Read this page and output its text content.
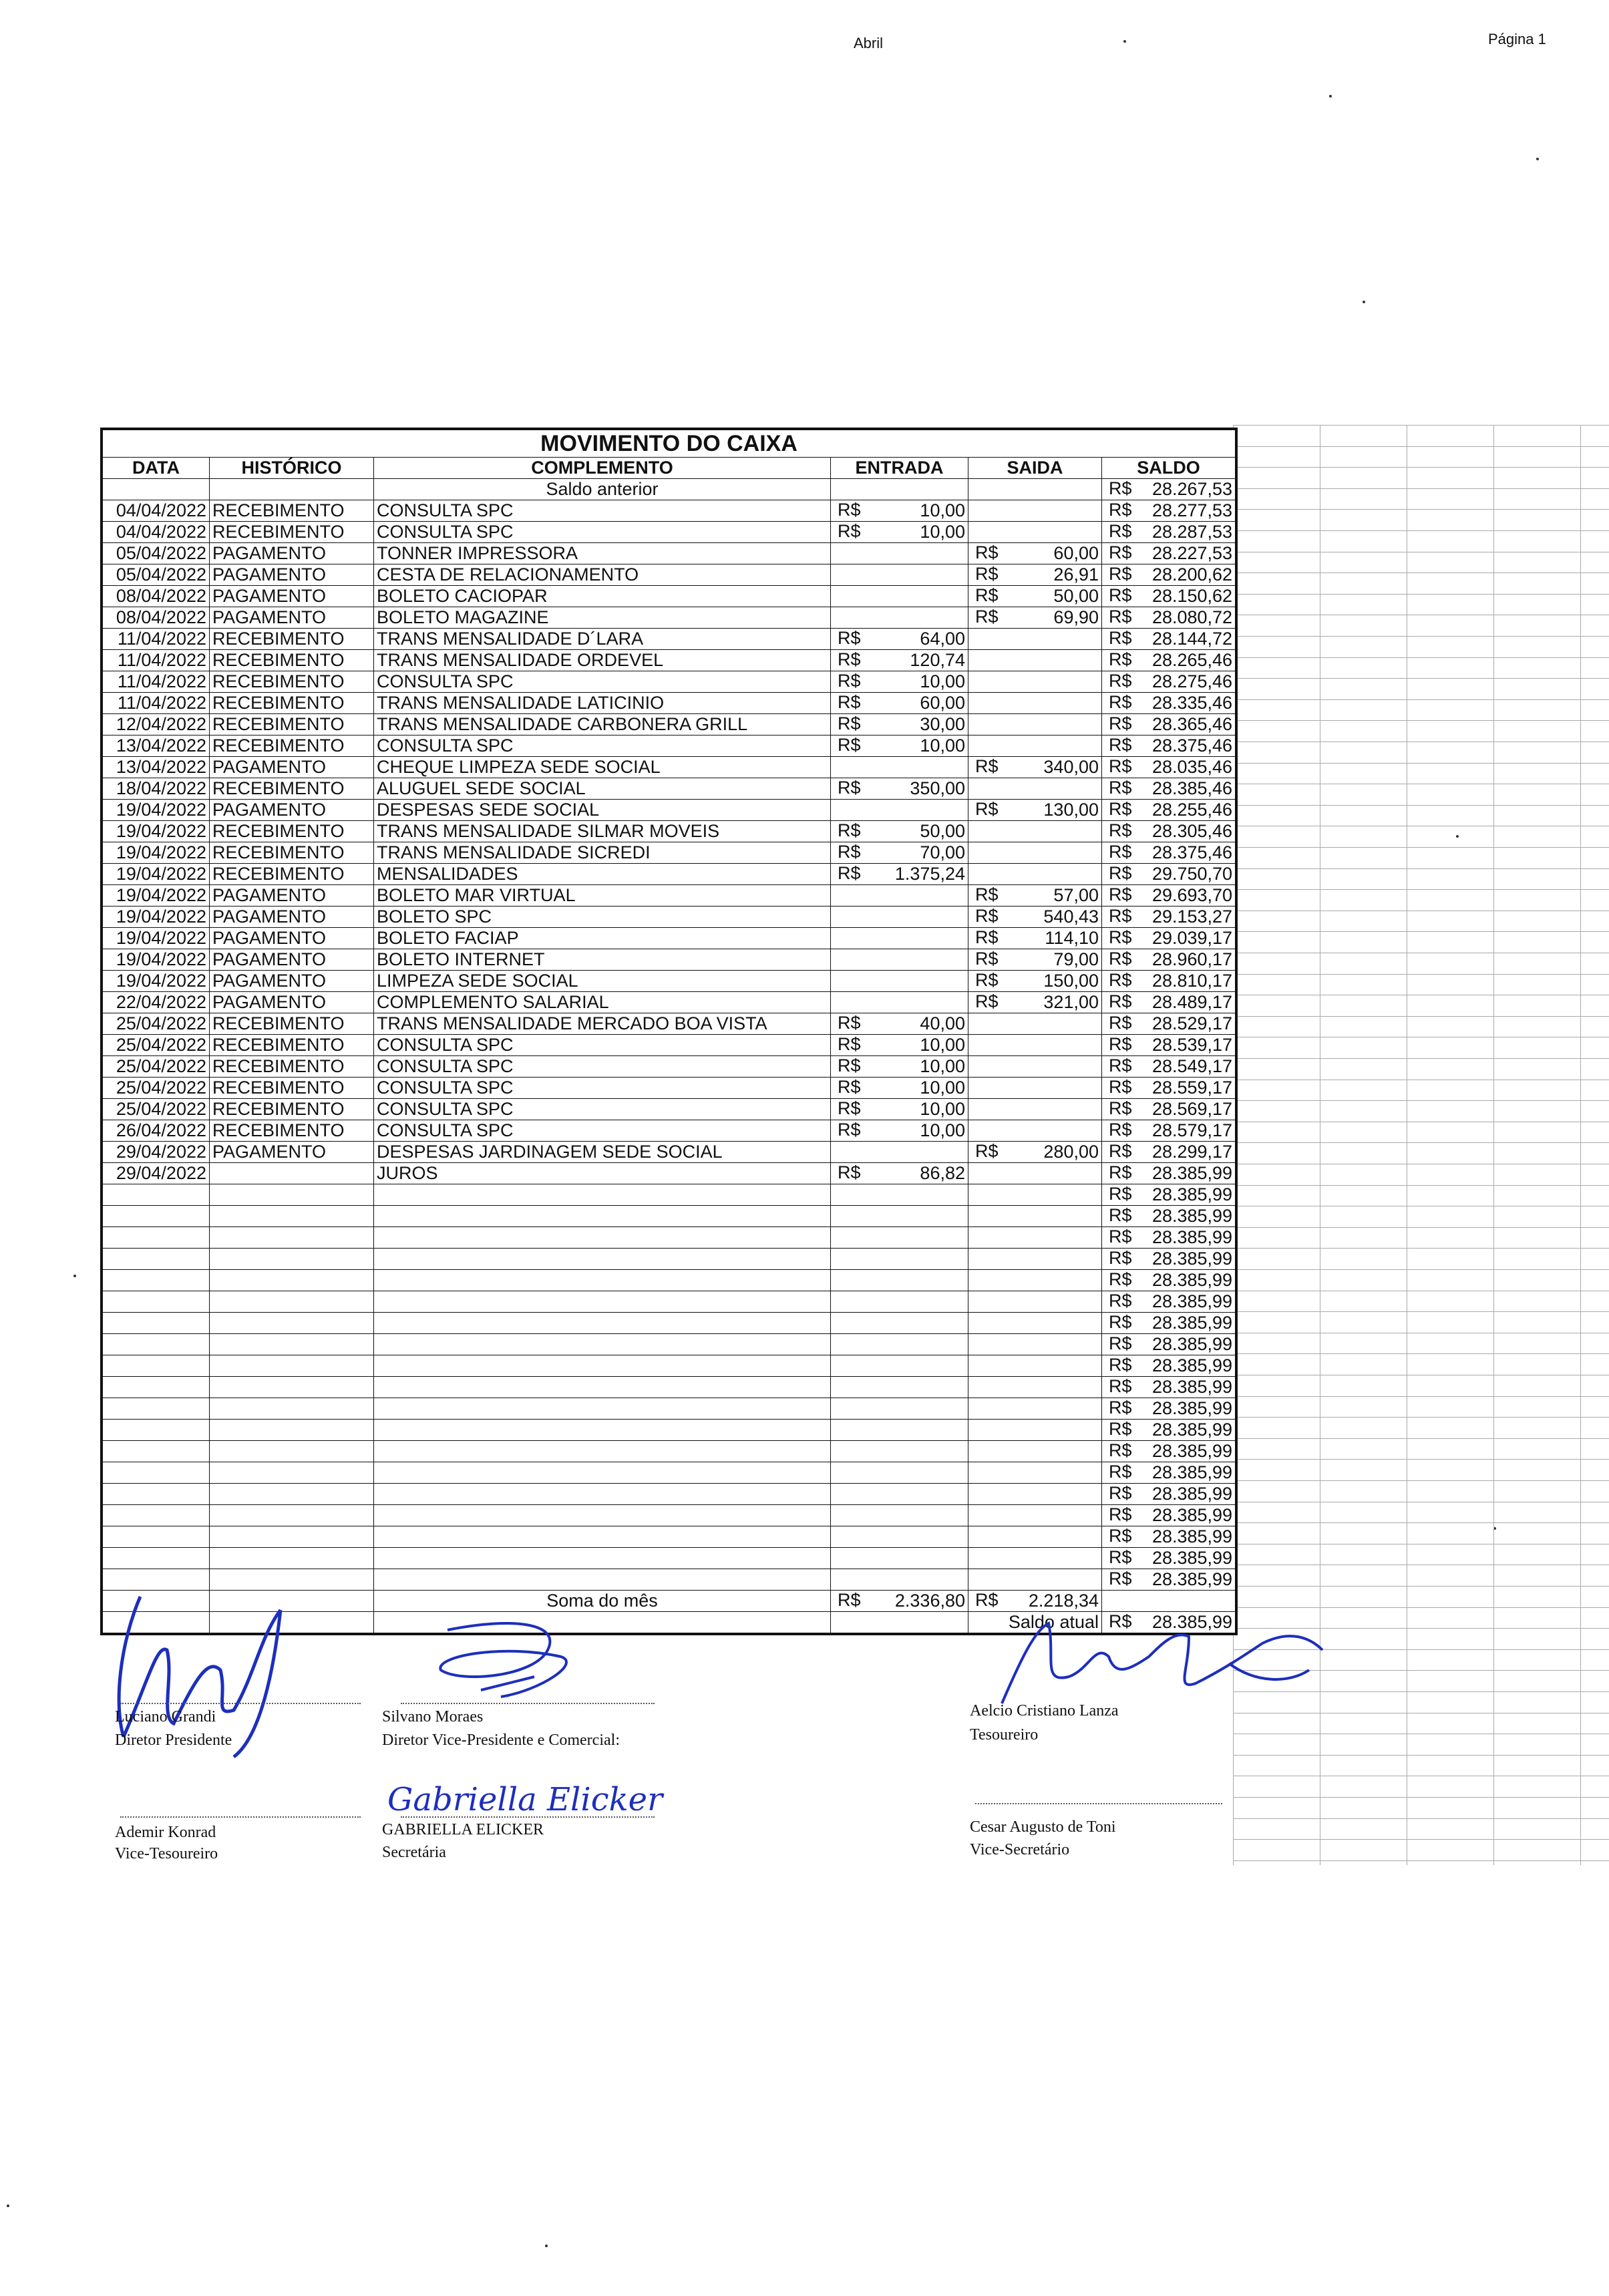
Abril	Página 1
MOVIMENTO DO CAIXA					
DATA	HISTÓRICO	COMPLEMENTO	ENTRADA	SAIDA	SALDO
		Saldo anterior			R$ 28.267,53

04/04/2022	RECEBIMENTO	CONSULTA SPC	R$ 10,00		R$ 28.277,53

04/04/2022	RECEBIMENTO	CONSULTA SPC	R$ 10,00		R$ 28.287,53

05/04/2022	PAGAMENTO	TONNER IMPRESSORA		R$ 60,00	R$ 28.227,53

05/04/2022	PAGAMENTO	CESTA DE RELACIONAMENTO		R$ 26,91	R$ 28.200,62

08/04/2022	PAGAMENTO	BOLETO CACIOPAR		R$ 50,00	R$ 28.150,62

08/04/2022	PAGAMENTO	BOLETO MAGAZINE		R$ 69,90	R$ 28.080,72

11/04/2022	RECEBIMENTO	TRANS MENSALIDADE D´LARA	R$ 64,00		R$ 28.144,72

11/04/2022	RECEBIMENTO	TRANS MENSALIDADE ORDEVEL	R$ 120,74		R$ 28.265,46

11/04/2022	RECEBIMENTO	CONSULTA SPC	R$ 10,00		R$ 28.275,46

11/04/2022	RECEBIMENTO	TRANS MENSALIDADE LATICINIO	R$ 60,00		R$ 28.335,46

12/04/2022	RECEBIMENTO	TRANS MENSALIDADE CARBONERA GRILL	R$ 30,00		R$ 28.365,46

13/04/2022	RECEBIMENTO	CONSULTA SPC	R$ 10,00		R$ 28.375,46

13/04/2022	PAGAMENTO	CHEQUE LIMPEZA SEDE SOCIAL		R$ 340,00	R$ 28.035,46

18/04/2022	RECEBIMENTO	ALUGUEL SEDE SOCIAL	R$ 350,00		R$ 28.385,46

19/04/2022	PAGAMENTO	DESPESAS SEDE SOCIAL		R$ 130,00	R$ 28.255,46

19/04/2022	RECEBIMENTO	TRANS MENSALIDADE SILMAR MOVEIS	R$ 50,00		R$ 28.305,46

19/04/2022	RECEBIMENTO	TRANS MENSALIDADE SICREDI	R$ 70,00		R$ 28.375,46

19/04/2022	RECEBIMENTO	MENSALIDADES	R$ 1.375,24		R$ 29.750,70

19/04/2022	PAGAMENTO	BOLETO MAR VIRTUAL		R$ 57,00	R$ 29.693,70

19/04/2022	PAGAMENTO	BOLETO SPC		R$ 540,43	R$ 29.153,27

19/04/2022	PAGAMENTO	BOLETO FACIAP		R$ 114,10	R$ 29.039,17

19/04/2022	PAGAMENTO	BOLETO INTERNET		R$ 79,00	R$ 28.960,17

19/04/2022	PAGAMENTO	LIMPEZA SEDE SOCIAL		R$ 150,00	R$ 28.810,17

22/04/2022	PAGAMENTO	COMPLEMENTO SALARIAL		R$ 321,00	R$ 28.489,17

25/04/2022	RECEBIMENTO	TRANS MENSALIDADE MERCADO BOA VISTA	R$ 40,00		R$ 28.529,17

25/04/2022	RECEBIMENTO	CONSULTA SPC	R$ 10,00		R$ 28.539,17

25/04/2022	RECEBIMENTO	CONSULTA SPC	R$ 10,00		R$ 28.549,17

25/04/2022	RECEBIMENTO	CONSULTA SPC	R$ 10,00		R$ 28.559,17

25/04/2022	RECEBIMENTO	CONSULTA SPC	R$ 10,00		R$ 28.569,17

26/04/2022	RECEBIMENTO	CONSULTA SPC	R$ 10,00		R$ 28.579,17

29/04/2022	PAGAMENTO	DESPESAS JARDINAGEM SEDE SOCIAL		R$ 280,00	R$ 28.299,17

29/04/2022		JUROS	R$ 86,82		R$ 28.385,99

					R$ 28.385,99

					R$ 28.385,99

					R$ 28.385,99

					R$ 28.385,99

					R$ 28.385,99

					R$ 28.385,99

					R$ 28.385,99

					R$ 28.385,99

					R$ 28.385,99

					R$ 28.385,99

					R$ 28.385,99

					R$ 28.385,99

					R$ 28.385,99

					R$ 28.385,99

					R$ 28.385,99

					R$ 28.385,99

					R$ 28.385,99

					R$ 28.385,99

					R$ 28.385,99

		Soma do mês	R$ 2.336,80	R$ 2.218,34	

				Saldo atual	R$ 28.385,99
Gabriella Elicker
Luciano Grandi
Diretor Presidente
Silvano Moraes
Diretor Vice-Presidente e Comercial:
Aelcio Cristiano Lanza
Tesoureiro
Ademir Konrad
Vice-Tesoureiro
GABRIELLA ELICKER
Secretária
Cesar Augusto de Toni
Vice-Secretário
